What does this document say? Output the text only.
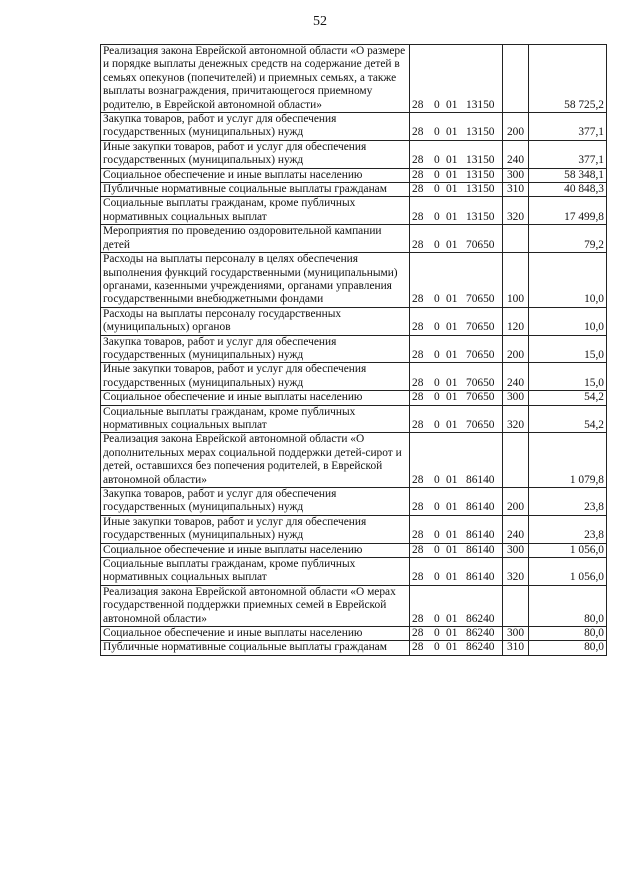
52
Реализация закона Еврейской автономной области «О размере и порядке выплаты денежных средств на содержание детей в семьях опекунов (попечителей) и приемных семьях, а также выплаты вознаграждения, причитающегося приемному родителю, в Еврейской автономной области»	28 0 01 13150		58 725,2
Закупка товаров, работ и услуг для обеспечения государственных (муниципальных) нужд	28 0 01 13150	200	377,1
Иные закупки товаров, работ и услуг для обеспечения государственных (муниципальных) нужд	28 0 01 13150	240	377,1
Социальное обеспечение и иные выплаты населению	28 0 01 13150	300	58 348,1
Публичные нормативные социальные выплаты гражданам	28 0 01 13150	310	40 848,3
Социальные выплаты гражданам, кроме публичных нормативных социальных выплат	28 0 01 13150	320	17 499,8
Мероприятия по проведению оздоровительной кампании детей	28 0 01 70650		79,2
Расходы на выплаты персоналу в целях обеспечения выполнения функций государственными (муниципальными) органами, казенными учреждениями, органами управления государственными внебюджетными фондами	28 0 01 70650	100	10,0
Расходы на выплаты персоналу государственных (муниципальных) органов	28 0 01 70650	120	10,0
Закупка товаров, работ и услуг для обеспечения государственных (муниципальных) нужд	28 0 01 70650	200	15,0
Иные закупки товаров, работ и услуг для обеспечения государственных (муниципальных) нужд	28 0 01 70650	240	15,0
Социальное обеспечение и иные выплаты населению	28 0 01 70650	300	54,2
Социальные выплаты гражданам, кроме публичных нормативных социальных выплат	28 0 01 70650	320	54,2
Реализация закона Еврейской автономной области «О дополнительных мерах социальной поддержки детей-сирот и детей, оставшихся без попечения родителей, в Еврейской автономной области»	28 0 01 86140		1 079,8
Закупка товаров, работ и услуг для обеспечения государственных (муниципальных) нужд	28 0 01 86140	200	23,8
Иные закупки товаров, работ и услуг для обеспечения государственных (муниципальных) нужд	28 0 01 86140	240	23,8
Социальное обеспечение и иные выплаты населению	28 0 01 86140	300	1 056,0
Социальные выплаты гражданам, кроме публичных нормативных социальных выплат	28 0 01 86140	320	1 056,0
Реализация закона Еврейской автономной области «О мерах государственной поддержки приемных семей в Еврейской автономной области»	28 0 01 86240		80,0
Социальное обеспечение и иные выплаты населению	28 0 01 86240	300	80,0
Публичные нормативные социальные выплаты гражданам	28 0 01 86240	310	80,0
